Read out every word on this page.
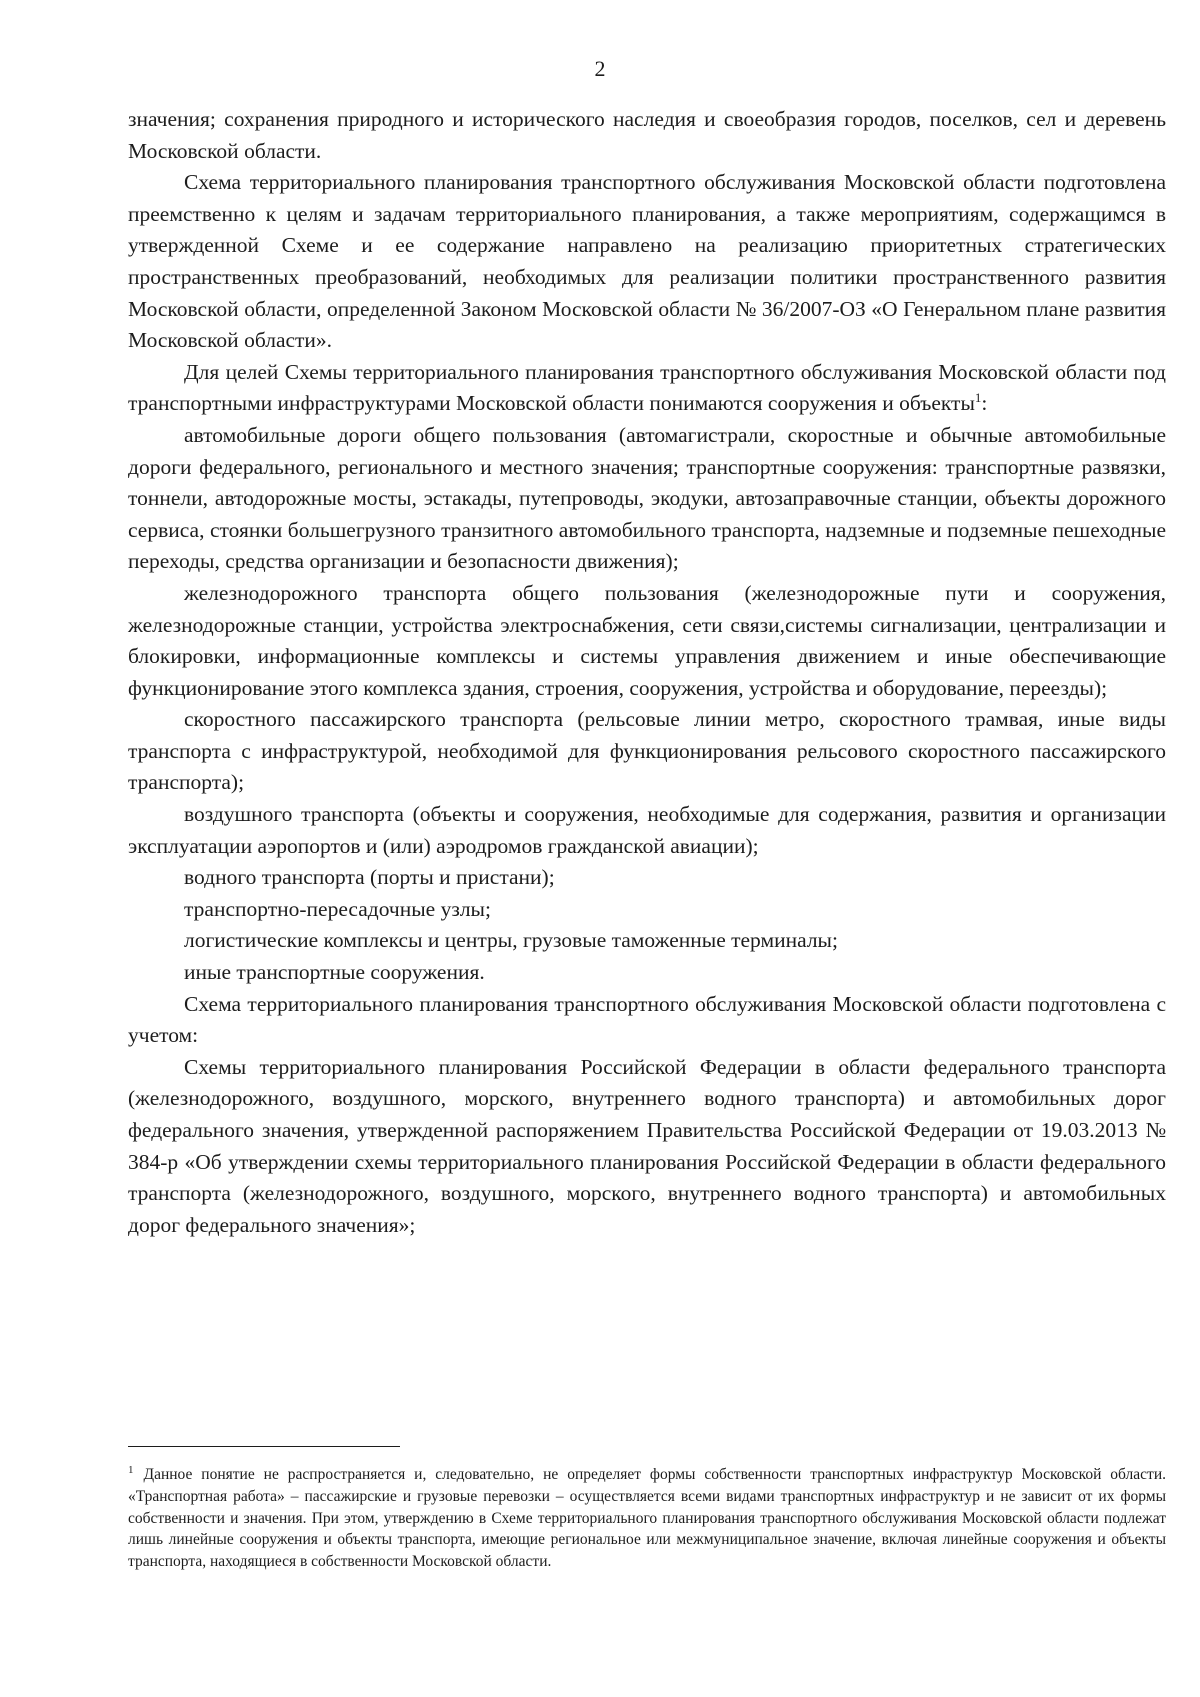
2

значения; сохранения природного и исторического наследия и своеобразия городов, поселков, сел и деревень Московской области.

Схема территориального планирования транспортного обслуживания Московской области подготовлена преемственно к целям и задачам территориального планирования, а также мероприятиям, содержащимся в утвержденной Схеме и ее содержание направлено на реализацию приоритетных стратегических пространственных преобразований, необходимых для реализации политики пространственного развития Московской области, определенной Законом Московской области № 36/2007-ОЗ «О Генеральном плане развития Московской области».

Для целей Схемы территориального планирования транспортного обслуживания Московской области под транспортными инфраструктурами Московской области понимаются сооружения и объекты$^1$:

автомобильные дороги общего пользования (автомагистрали, скоростные и обычные автомобильные дороги федерального, регионального и местного значения; транспортные сооружения: транспортные развязки, тоннели, автодорожные мосты, эстакады, путепроводы, экодуки, автозаправочные станции, объекты дорожного сервиса, стоянки большегрузного транзитного автомобильного транспорта, надземные и подземные пешеходные переходы, средства организации и безопасности движения);

железнодорожного транспорта общего пользования (железнодорожные пути и сооружения, железнодорожные станции, устройства электроснабжения, сети связи,системы сигнализации, централизации и блокировки, информационные комплексы и системы управления движением и иные обеспечивающие функционирование этого комплекса здания, строения, сооружения, устройства и оборудование, переезды);

скоростного пассажирского транспорта (рельсовые линии метро, скоростного трамвая, иные виды транспорта с инфраструктурой, необходимой для функционирования рельсового скоростного пассажирского транспорта);

воздушного транспорта (объекты и сооружения, необходимые для содержания, развития и организации эксплуатации аэропортов и (или) аэродромов гражданской авиации);

водного транспорта (порты и пристани);

транспортно-пересадочные узлы;

логистические комплексы и центры, грузовые таможенные терминалы;

иные транспортные сооружения.

Схема территориального планирования транспортного обслуживания Московской области подготовлена с учетом:

Схемы территориального планирования Российской Федерации в области федерального транспорта (железнодорожного, воздушного, морского, внутреннего водного транспорта) и автомобильных дорог федерального значения, утвержденной распоряжением Правительства Российской Федерации от 19.03.2013 № 384-р «Об утверждении схемы территориального планирования Российской Федерации в области федерального транспорта (железнодорожного, воздушного, морского, внутреннего водного транспорта) и автомобильных дорог федерального значения»;

$^1$ Данное понятие не распространяется и, следовательно, не определяет формы собственности транспортных инфраструктур Московской области. «Транспортная работа» – пассажирские и грузовые перевозки – осуществляется всеми видами транспортных инфраструктур и не зависит от их формы собственности и значения. При этом, утверждению в Схеме территориального планирования транспортного обслуживания Московской области подлежат лишь линейные сооружения и объекты транспорта, имеющие региональное или межмуниципальное значение, включая линейные сооружения и объекты транспорта, находящиеся в собственности Московской области.
